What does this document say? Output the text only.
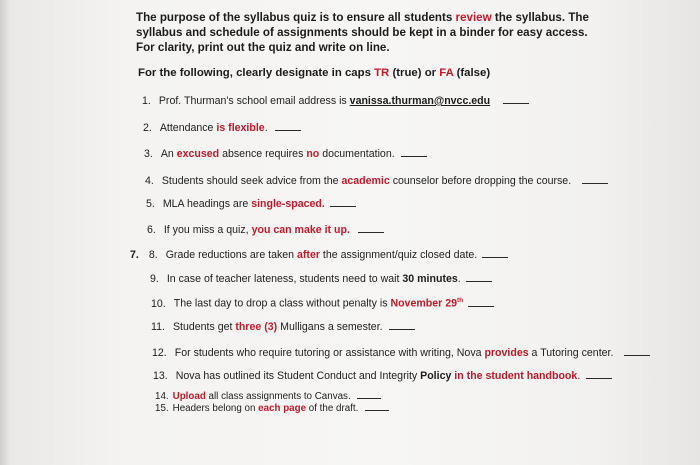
The purpose of the syllabus quiz is to ensure all students review the syllabus. The syllabus and schedule of assignments should be kept in a binder for easy access. For clarity, print out the quiz and write on line.
For the following, clearly designate in caps TR (true) or FA (false)
1. Prof. Thurman's school email address is vanissa.thurman@nvcc.edu
2. Attendance is flexible.
3. An excused absence requires no documentation.
4. Students should seek advice from the academic counselor before dropping the course.
5. MLA headings are single-spaced.
6. If you miss a quiz, you can make it up.
7. 8. Grade reductions are taken after the assignment/quiz closed date.
9. In case of teacher lateness, students need to wait 30 minutes.
10. The last day to drop a class without penalty is November 29th
11. Students get three (3) Mulligans a semester.
12. For students who require tutoring or assistance with writing, Nova provides a Tutoring center.
13. Nova has outlined its Student Conduct and Integrity Policy in the student handbook.
14. Upload all class assignments to Canvas.
15. Headers belong on each page of the draft.
